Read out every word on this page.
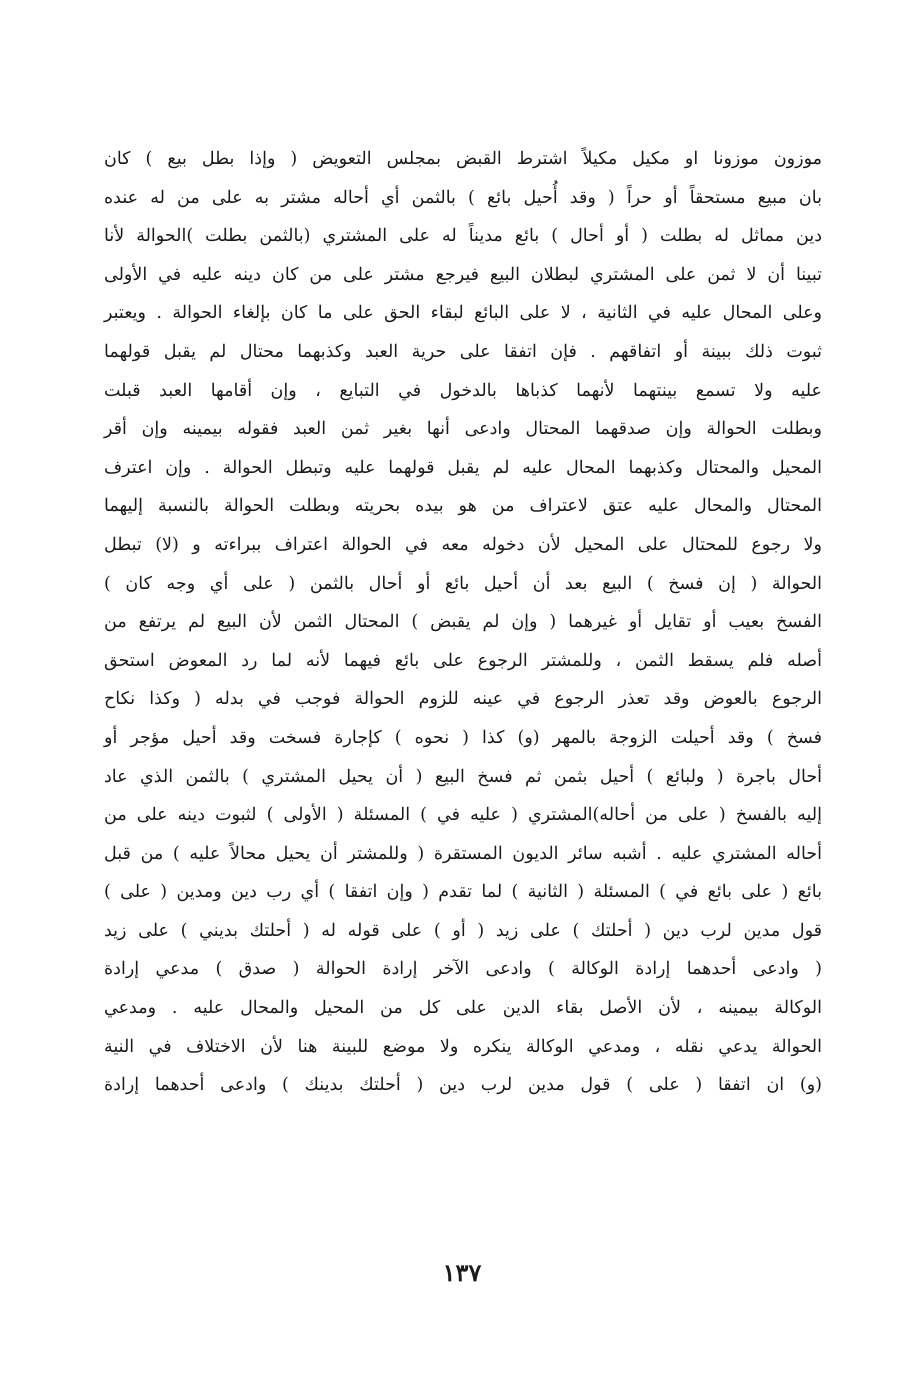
موزون موزونا او مكيل مكيلاً اشترط القبض بمجلس التعويض ( وإذا بطل بيع ) كان
بان مبيع مستحقاً أو حراً ( وقد أُحيل بائع ) بالثمن أي أحاله مشتر به على من له عنده
دين مماثل له بطلت ( أو أحال ) بائع مديناً له على المشتري (بالثمن بطلت )الحوالة لأنا
تبينا أن لا ثمن على المشتري لبطلان البيع فيرجع مشتر على من كان دينه عليه في الأولى
وعلى المحال عليه في الثانية ، لا على البائع لبقاء الحق على ما كان بإلغاء الحوالة . ويعتبر
ثبوت ذلك ببينة أو اتفاقهم . فإن اتفقا على حرية العبد وكذبهما محتال لم يقبل قولهما
عليه ولا تسمع بينتهما لأنهما كذباها بالدخول في التبايع ، وإن أقامها العبد قبلت
وبطلت الحوالة وإن صدقهما المحتال وادعى أنها بغير ثمن العبد فقوله بيمينه وإن أقر
المحيل والمحتال وكذبهما المحال عليه لم يقبل قولهما عليه وتبطل الحوالة . وإن اعترف
المحتال والمحال عليه عتق لاعتراف من هو بيده بحريته وبطلت الحوالة بالنسبة إليهما
ولا رجوع للمحتال على المحيل لأن دخوله معه في الحوالة اعتراف ببراءته و (لا) تبطل
الحوالة ( إن فسخ ) البيع بعد أن أحيل بائع أو أحال بالثمن ( على أي وجه كان )
الفسخ بعيب أو تقايل أو غيرهما ( وإن لم يقبض ) المحتال الثمن لأن البيع لم يرتفع من
أصله فلم يسقط الثمن ، وللمشتر الرجوع على بائع فيهما لأنه لما رد المعوض استحق
الرجوع بالعوض وقد تعذر الرجوع في عينه للزوم الحوالة فوجب في بدله ( وكذا نكاح
فسخ ) وقد أحيلت الزوجة بالمهر (و) كذا ( نحوه ) كإجارة فسخت وقد أحيل مؤجر أو
أحال باجرة ( ولبائع ) أحيل بثمن ثم فسخ البيع ( أن يحيل المشتري ) بالثمن الذي عاد
إليه بالفسخ ( على من أحاله)المشتري ( عليه في ) المسئلة ( الأولى ) لثبوت دينه على من
أحاله المشتري عليه . أشبه سائر الديون المستقرة ( وللمشتر أن يحيل محالاً عليه ) من قبل
بائع ( على بائع في ) المسئلة ( الثانية ) لما تقدم ( وإن اتفقا ) أي رب دين ومدين ( على )
قول مدين لرب دين ( أحلتك ) على زيد ( أو ) على قوله له ( أحلتك بديني ) على زيد
( وادعى أحدهما إرادة الوكالة ) وادعى الآخر إرادة الحوالة ( صدق ) مدعي إرادة
الوكالة بيمينه ، لأن الأصل بقاء الدين على كل من المحيل والمحال عليه . ومدعي
الحوالة يدعي نقله ، ومدعي الوكالة ينكره ولا موضع للبينة هنا لأن الاختلاف في النية
(و) ان اتفقا ( على ) قول مدين لرب دين ( أحلتك بدينك ) وادعى أحدهما إرادة
١٣٧
